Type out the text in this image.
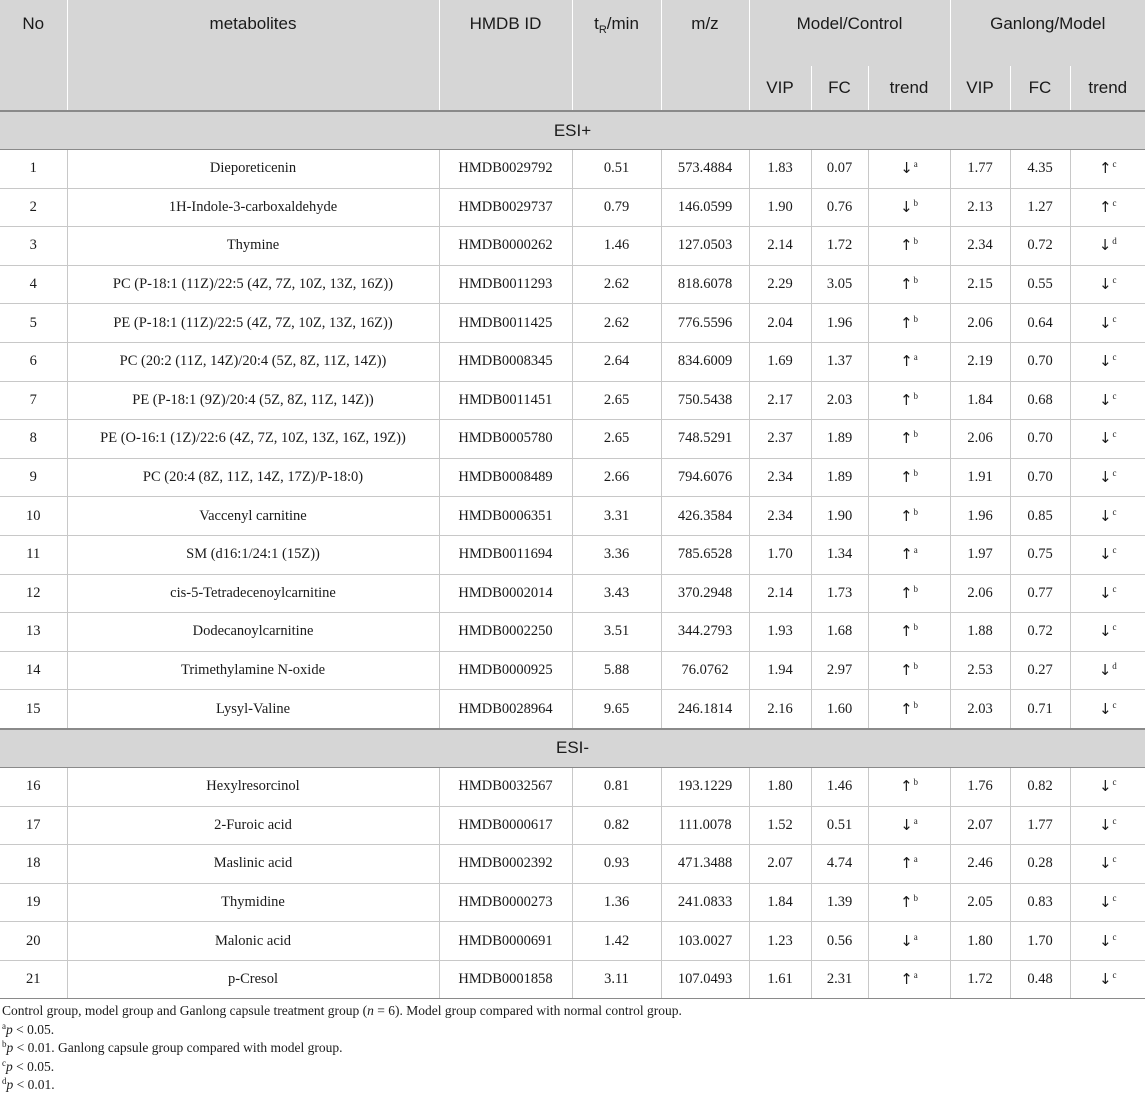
No	metabolites	HMDB ID	$t_R/\min$	m/z	Model/Control			Ganlong/Model		
					VIP	FC	trend	VIP	FC	trend
ESI+										
1	Dieporeticenin	HMDB0029792	0.51	573.4884	1.83	0.07	↓$^a$	1.77	4.35	↑$^c$
2	1H-Indole-3-carboxaldehyde	HMDB0029737	0.79	146.0599	1.90	0.76	↓$^b$	2.13	1.27	↑$^c$
3	Thymine	HMDB0000262	1.46	127.0503	2.14	1.72	↑$^b$	2.34	0.72	↓$^d$
4	PC (P-18:1 (11Z)/22:5 (4Z, 7Z, 10Z, 13Z, 16Z))	HMDB0011293	2.62	818.6078	2.29	3.05	↑$^b$	2.15	0.55	↓$^c$
5	PE (P-18:1 (11Z)/22:5 (4Z, 7Z, 10Z, 13Z, 16Z))	HMDB0011425	2.62	776.5596	2.04	1.96	↑$^b$	2.06	0.64	↓$^c$
6	PC (20:2 (11Z, 14Z)/20:4 (5Z, 8Z, 11Z, 14Z))	HMDB0008345	2.64	834.6009	1.69	1.37	↑$^a$	2.19	0.70	↓$^c$
7	PE (P-18:1 (9Z)/20:4 (5Z, 8Z, 11Z, 14Z))	HMDB0011451	2.65	750.5438	2.17	2.03	↑$^b$	1.84	0.68	↓$^c$
8	PE (O-16:1 (1Z)/22:6 (4Z, 7Z, 10Z, 13Z, 16Z, 19Z))	HMDB0005780	2.65	748.5291	2.37	1.89	↑$^b$	2.06	0.70	↓$^c$
9	PC (20:4 (8Z, 11Z, 14Z, 17Z)/P-18:0)	HMDB0008489	2.66	794.6076	2.34	1.89	↑$^b$	1.91	0.70	↓$^c$
10	Vaccenyl carnitine	HMDB0006351	3.31	426.3584	2.34	1.90	↑$^b$	1.96	0.85	↓$^c$
11	SM (d16:1/24:1 (15Z))	HMDB0011694	3.36	785.6528	1.70	1.34	↑$^a$	1.97	0.75	↓$^c$
12	cis-5-Tetradecenoylcarnitine	HMDB0002014	3.43	370.2948	2.14	1.73	↑$^b$	2.06	0.77	↓$^c$
13	Dodecanoylcarnitine	HMDB0002250	3.51	344.2793	1.93	1.68	↑$^b$	1.88	0.72	↓$^c$
14	Trimethylamine N-oxide	HMDB0000925	5.88	76.0762	1.94	2.97	↑$^b$	2.53	0.27	↓$^d$
15	Lysyl-Valine	HMDB0028964	9.65	246.1814	2.16	1.60	↑$^b$	2.03	0.71	↓$^c$
ESI-										
16	Hexylresorcinol	HMDB0032567	0.81	193.1229	1.80	1.46	↑$^b$	1.76	0.82	↓$^c$
17	2-Furoic acid	HMDB0000617	0.82	111.0078	1.52	0.51	↓$^a$	2.07	1.77	↓$^c$
18	Maslinic acid	HMDB0002392	0.93	471.3488	2.07	4.74	↑$^a$	2.46	0.28	↓$^c$
19	Thymidine	HMDB0000273	1.36	241.0833	1.84	1.39	↑$^b$	2.05	0.83	↓$^c$
20	Malonic acid	HMDB0000691	1.42	103.0027	1.23	0.56	↓$^a$	1.80	1.70	↓$^c$
21	p-Cresol	HMDB0001858	3.11	107.0493	1.61	2.31	↑$^a$	1.72	0.48	↓$^c$
Control group, model group and Ganlong capsule treatment group (n = 6). Model group compared with normal control group.
$^a$p < 0.05.
$^b$p < 0.01. Ganlong capsule group compared with model group.
$^c$p < 0.05.
$^d$p < 0.01.
